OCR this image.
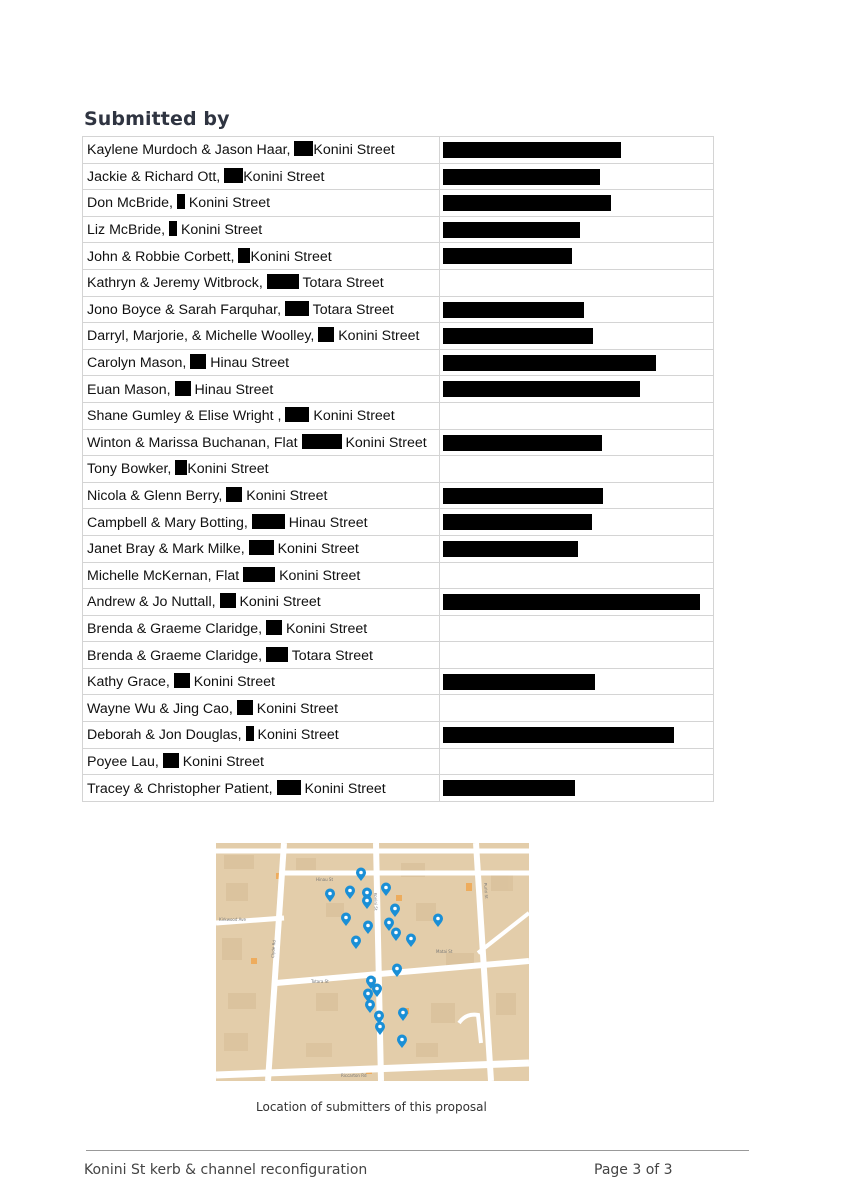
Submitted by
Kaylene Murdoch & Jason Haar, Konini Street	

Jackie & Richard Ott, Konini Street	

Don McBride,  Konini Street	

Liz McBride,  Konini Street	

John & Robbie Corbett, Konini Street	

Kathryn & Jeremy Witbrock, Totara Street	
Jono Boyce & Sarah Farquhar,  Totara Street	

Darryl, Marjorie, & Michelle Woolley,  Konini Street	

Carolyn Mason,  Hinau Street	

Euan Mason,  Hinau Street	

Shane Gumley & Elise Wright ,  Konini Street	
Winton & Marissa Buchanan, Flat Konini Street	

Tony Bowker, Konini Street	
Nicola & Glenn Berry,  Konini Street	

Campbell & Mary Botting, Hinau Street	

Janet Bray & Mark Milke,  Konini Street	

Michelle McKernan, Flat Konini Street	
Andrew & Jo Nuttall,  Konini Street	

Brenda & Graeme Claridge,  Konini Street	
Brenda & Graeme Claridge,  Totara Street	
Kathy Grace,  Konini Street	

Wayne Wu & Jing Cao,  Konini Street	
Deborah & Jon Douglas,  Konini Street	

Poyee Lau,  Konini Street	
Tracey & Christopher Patient,  Konini Street	
Hinau St
Kirkwood Ave
Clyde Rd
Totara St
Riccarton Rd
Konini St
Puriri St
Matai St
Location of submitters of this proposal
Konini St kerb & channel reconfiguration	Page 3 of 3
